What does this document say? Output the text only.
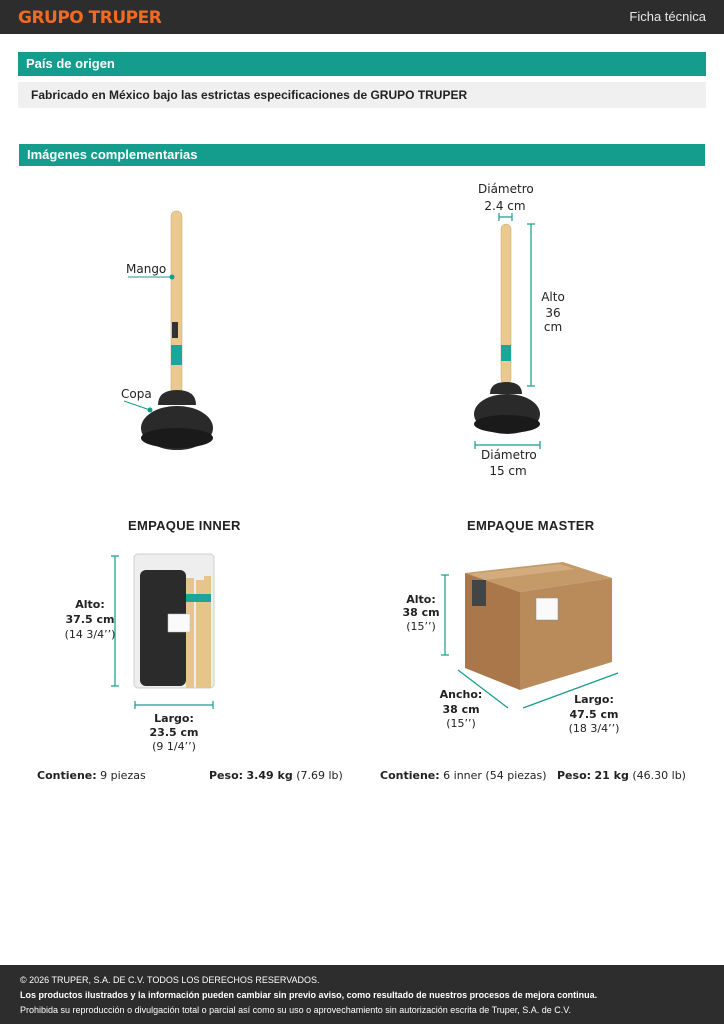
GRUPO TRUPER	Ficha técnica
País de origen
Fabricado en México bajo las estrictas especificaciones de GRUPO TRUPER
Imágenes complementarias
Mango
Copa
Diámetro
2.4 cm
Alto
36 cm
Diámetro
15 cm
EMPAQUE INNER
Alto:
37.5 cm
(14 3/4’’)
Largo:
23.5 cm
(9 1/4’’)
EMPAQUE MASTER
Alto:
38 cm
(15’’)
Ancho:
38 cm
(15’’)
Largo:
47.5 cm
(18 3/4’’)
Contiene: 9 piezas	Peso: 3.49 kg (7.69 lb)	Contiene: 6 inner (54 piezas) Peso: 21 kg (46.30 lb)
© 2026 TRUPER, S.A. DE C.V. TODOS LOS DERECHOS RESERVADOS.
Los productos ilustrados y la información pueden cambiar sin previo aviso, como resultado de nuestros procesos de mejora continua.
Prohibida su reproducción o divulgación total o parcial así como su uso o aprovechamiento sin autorización escrita de Truper, S.A. de C.V.
